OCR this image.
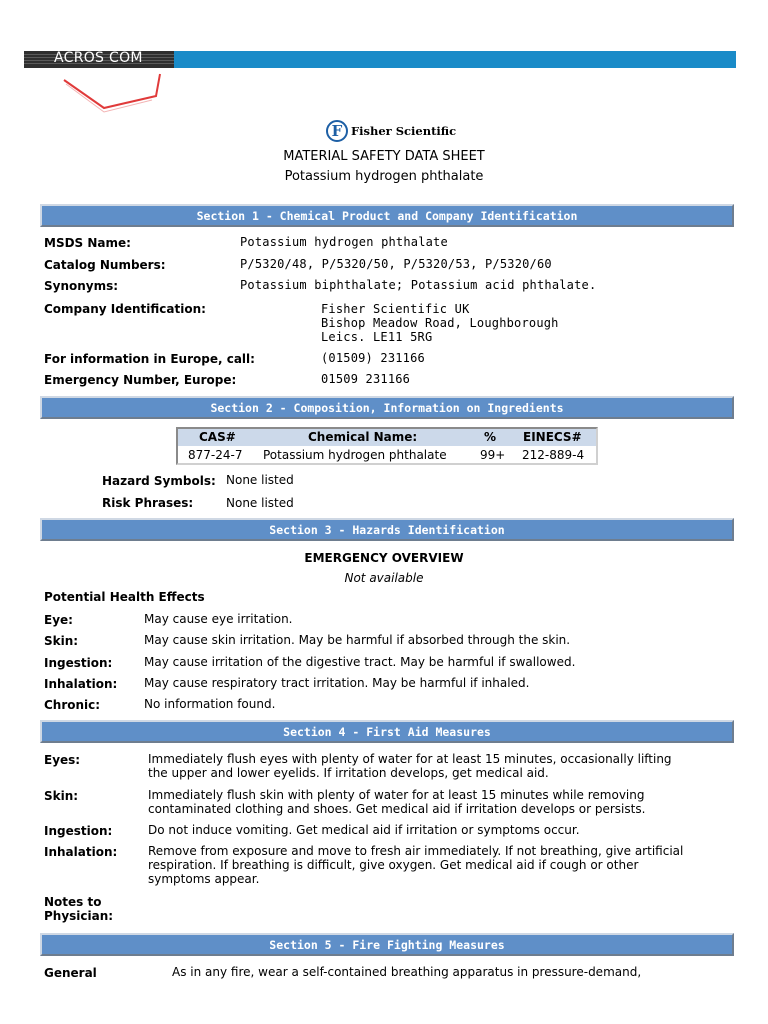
ACROS COM
F Fisher Scientific
MATERIAL SAFETY DATA SHEET
Potassium hydrogen phthalate
Section 1 - Chemical Product and Company Identification
MSDS Name:	Potassium hydrogen phthalate
Catalog Numbers:	P/5320/48, P/5320/50, P/5320/53, P/5320/60
Synonyms:	Potassium biphthalate; Potassium acid phthalate.
Company Identification:	Fisher Scientific UK
Bishop Meadow Road, Loughborough
Leics. LE11 5RG
For information in Europe, call:	(01509) 231166
Emergency Number, Europe:	01509 231166
Section 2 - Composition, Information on Ingredients
CAS#	Chemical Name:	% EINECS#
877-24-7 Potassium hydrogen phthalate	99+ 212-889-4
Hazard Symbols: None listed
Risk Phrases:	None listed
Section 3 - Hazards Identification
EMERGENCY OVERVIEW
Not available
Potential Health Effects
Eye:	May cause eye irritation.
Skin:	May cause skin irritation. May be harmful if absorbed through the skin.
Ingestion:	May cause irritation of the digestive tract. May be harmful if swallowed.
Inhalation: May cause respiratory tract irritation. May be harmful if inhaled.
Chronic:	No information found.
Section 4 - First Aid Measures
Eyes:	Immediately flush eyes with plenty of water for at least 15 minutes, occasionally lifting
the upper and lower eyelids. If irritation develops, get medical aid.
Skin:	Immediately flush skin with plenty of water for at least 15 minutes while removing
contaminated clothing and shoes. Get medical aid if irritation develops or persists.
Ingestion:	Do not induce vomiting. Get medical aid if irritation or symptoms occur.
Inhalation:	Remove from exposure and move to fresh air immediately. If not breathing, give artificial
respiration. If breathing is difficult, give oxygen. Get medical aid if cough or other
symptoms appear.
Notes to
Physician:
Section 5 - Fire Fighting Measures
General	As in any fire, wear a self-contained breathing apparatus in pressure-demand,
